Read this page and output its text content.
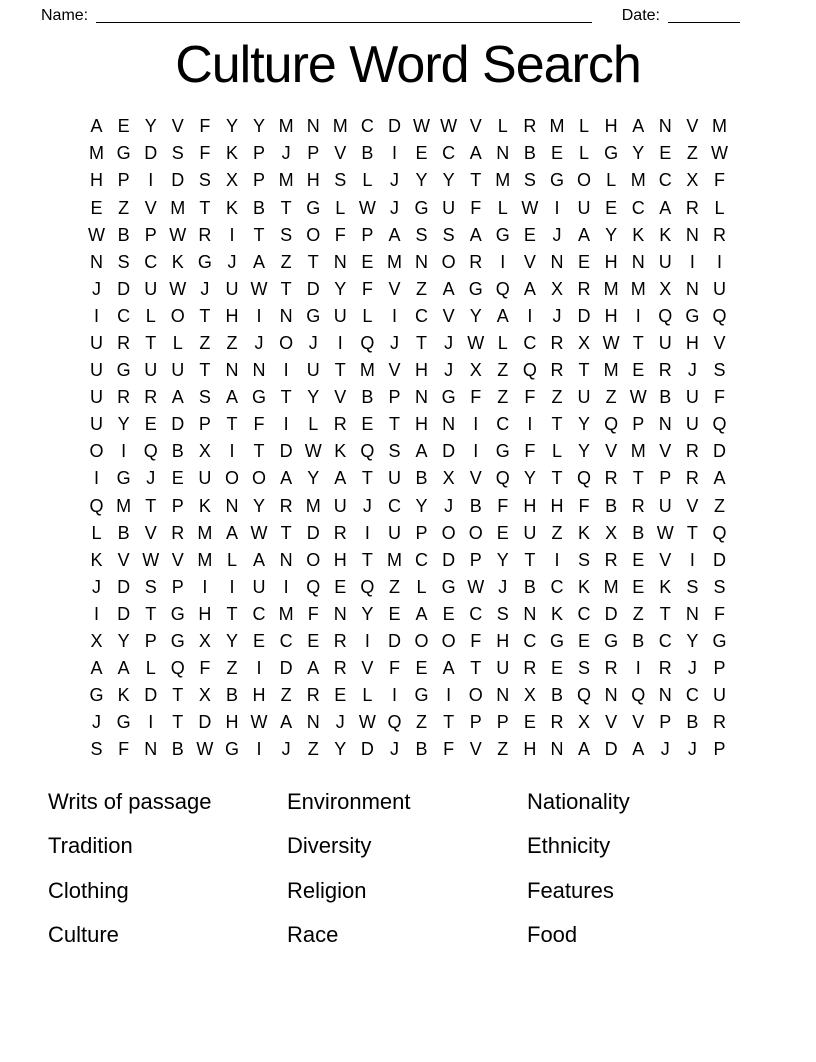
Name:	Date:
Culture Word Search
A E Y V F Y Y M N M C D W W V L R M L H A N V M
M G D S F K P J P V B	I	E C A N B E L G Y E Z W
H P	I	D S X P M H S L J Y Y T M S G O L M C X F
E Z V M T K B T G L W J G U F L W I	U E C A R L
W B P W R	I	T S O F P A S S A G E J A Y K K N R
N S C K G J A Z T N E M N O R	I	V N E H N U	I	I
J D U W J U W T D Y F V Z A G Q A X R M M X N U
I	C L O T H	I	N G U L	I	C V Y A	I	J D H	I Q G Q
U R T L Z Z J O J	I Q J T J W L C R X W T U H V
U G U U T N N	I	U T M V H J X Z Q R T M E R J S
U R R A S A G T Y V B P N G F Z F Z U Z W B U F
U Y E D P T F	I	L R E T H N	I	C	I	T Y Q P N U Q
O I Q B X	I	T D W K Q S A D	I G F L Y V M V R D
I G J E U O O A Y A T U B X V Q Y T Q R T P R A
Q M T P K N Y R M U J C Y J B F H H F B R U V Z
L B V R M A W T D R	I	U P O O E U Z K X B W T Q
K V W V M L A N O H T M C D P Y T	I	S R E V	I	D
J D S P	I	I	U	I Q E Q Z L G W J B C K M E K S S
I	D T G H T C M F N Y E A E C S N K C D Z T N F
X Y P G X Y E C E R	I	D O O F H C G E G B C Y G
A A L Q F Z	I	D A R V F E A T U R E S R	I	R J P
G K D T X B H Z R E L	I G I O N X B Q N Q N C U
J G I	T D H W A N J W Q Z T P P E R X V V P B R
S F N B W G I	J Z Y D J B F V Z H N A D A J	J P
Writs of passage
Tradition
Clothing
Culture
Environment
Diversity
Religion
Race
Nationality
Ethnicity
Features
Food
